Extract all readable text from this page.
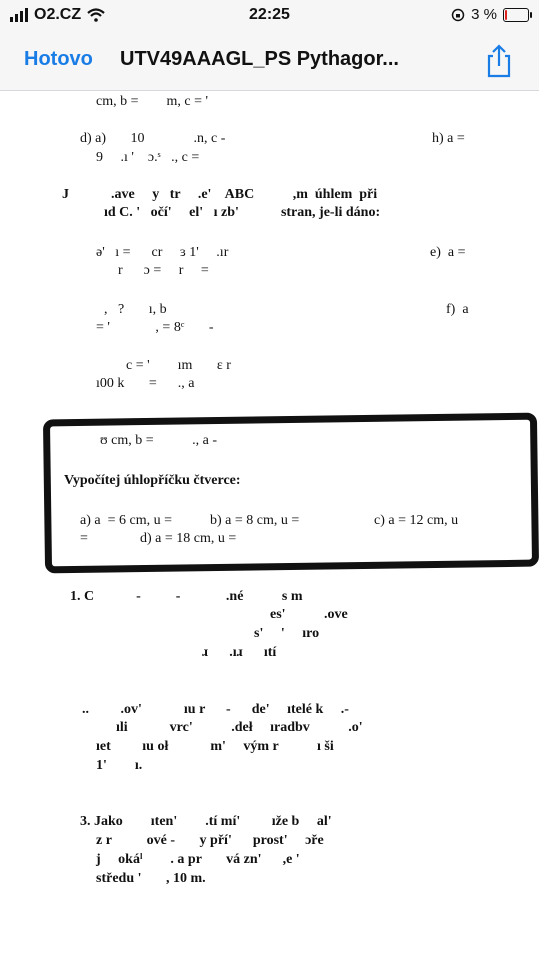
O2.CZ	22:25	3 %
Hotovo UTV49AAAGL_PS Pythagor...
cm, b =        m, c = '
d) a)       10              .n, c -	h) a =
9     .ı '    ɔ.ˢ   ., c =
J            .ave     y   tr     .e'    ABC           ,m  úhlem  při
ıd C. '   očí'     el'   ı zb'            stran, je-li dáno:
ə'   ı =      cr     ɜ 1'     .ır	e)  a =
r      ɔ =     r     =
,   ?       ı, b	f)  a
= '             , = 8ᶜ       -
c = '        ım       ɛ r
ı00 k       =      ., a
ʊ cm, b =           ., a -
Vypočítej úhlopříčku čtverce:
a) a  = 6 cm, u =	b) a = 8 cm, u =	c) a = 12 cm, u
=	d) a = 18 cm, u =
1. C            -          -             .né           s m
es'           .ove
s'     '     ıro
ɹ      .ıɹ      ıtí
..         .ov'            ıu r      -      de'     ıtelé k     .-
ıli            vrc'           .deł     ıradbv           .o'
ıet         ıu oł            m'     vým r           ı ši
1'        ı.
3. Jako        ıten'        .tí mí'         ıže b     al'
z r          ové -       y pří'      prost'     ɔře
j     okáˡ        . a pr       vá zn'      ,e '
středu '       , 10 m.
